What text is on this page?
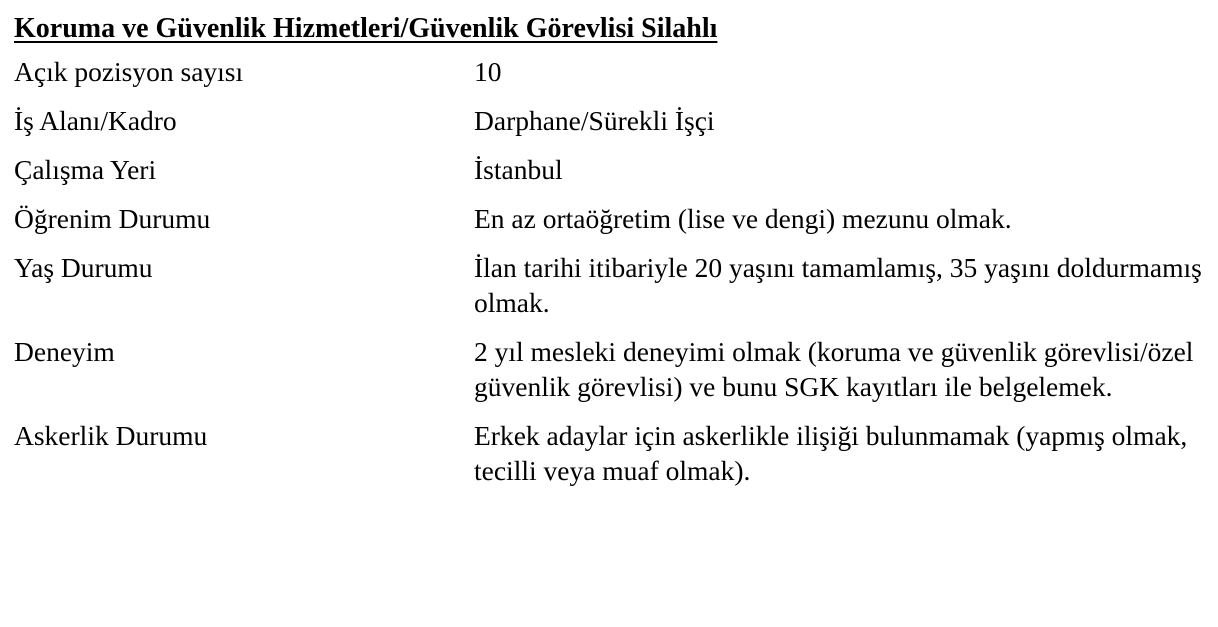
Koruma ve Güvenlik Hizmetleri/Güvenlik Görevlisi Silahlı
Açık pozisyon sayısı	10
İş Alanı/Kadro	Darphane/Sürekli İşçi
Çalışma Yeri	İstanbul
Öğrenim Durumu	En az ortaöğretim (lise ve dengi) mezunu olmak.
Yaş Durumu	İlan tarihi itibariyle 20 yaşını tamamlamış, 35 yaşını doldurmamış olmak.
Deneyim	2 yıl mesleki deneyimi olmak (koruma ve güvenlik görevlisi/özel güvenlik görevlisi) ve bunu SGK kayıtları ile belgelemek.
Askerlik Durumu	Erkek adaylar için askerlikle ilişiği bulunmamak (yapmış olmak, tecilli veya muaf olmak).
